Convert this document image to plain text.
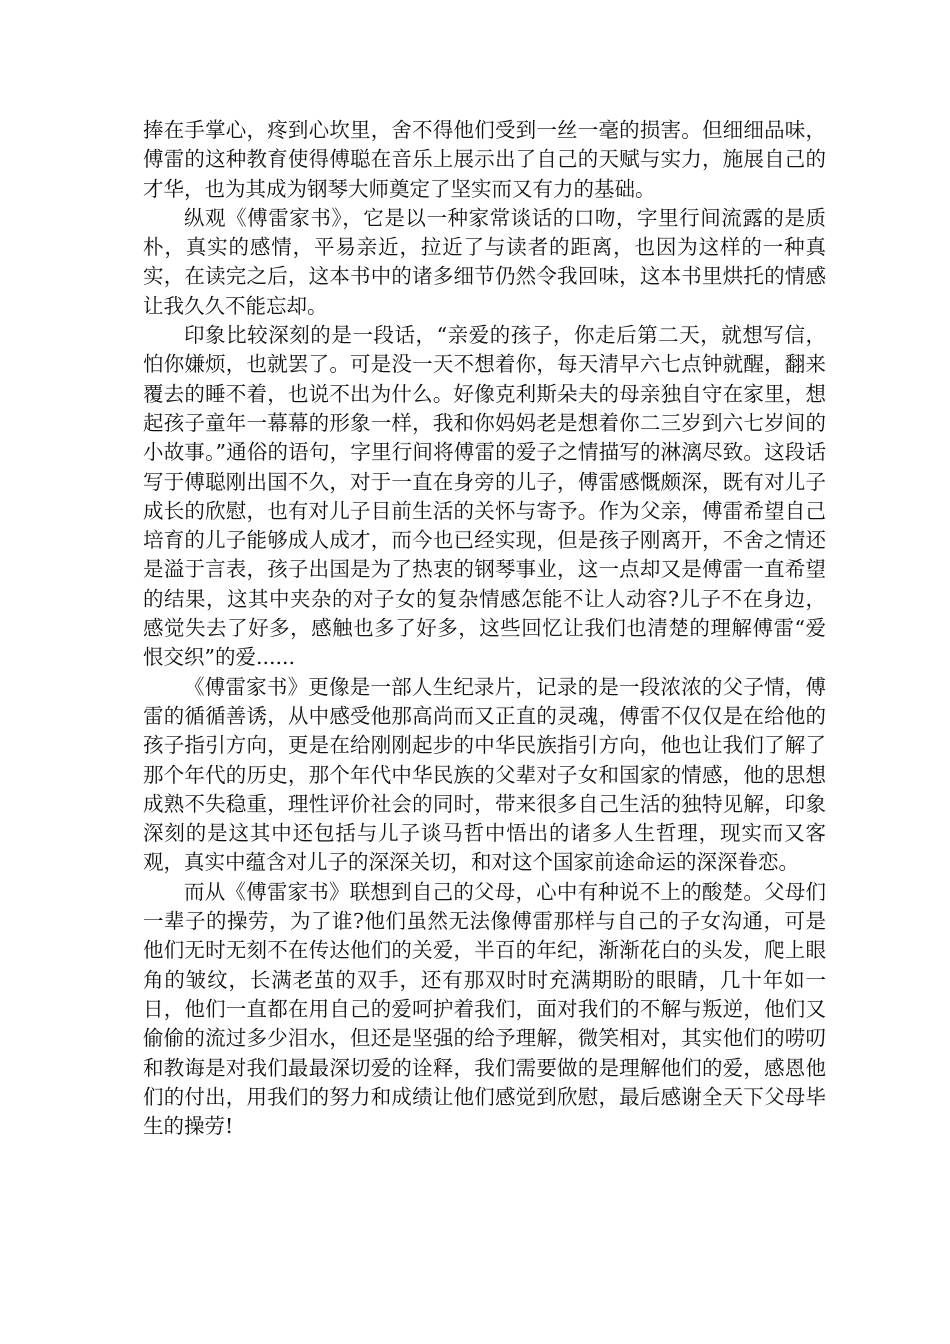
捧在手掌心，疼到心坎里，舍不得他们受到一丝一毫的损害。但细细品味，傅雷的这种教育使得傅聪在音乐上展示出了自己的天赋与实力，施展自己的才华，也为其成为钢琴大师奠定了坚实而又有力的基础。

纵观《傅雷家书》，它是以一种家常谈话的口吻，字里行间流露的是质朴，真实的感情，平易亲近，拉近了与读者的距离，也因为这样的一种真实，在读完之后，这本书中的诸多细节仍然令我回味，这本书里烘托的情感让我久久不能忘却。

印象比较深刻的是一段话，“亲爱的孩子，你走后第二天，就想写信，怕你嫌烦，也就罢了。可是没一天不想着你，每天清早六七点钟就醒，翻来覆去的睡不着，也说不出为什么。好像克利斯朵夫的母亲独自守在家里，想起孩子童年一幕幕的形象一样，我和你妈妈老是想着你二三岁到六七岁间的小故事。”通俗的语句，字里行间将傅雷的爱子之情描写的淋漓尽致。这段话写于傅聪刚出国不久，对于一直在身旁的儿子，傅雷感慨颇深，既有对儿子成长的欣慰，也有对儿子目前生活的关怀与寄予。作为父亲，傅雷希望自己培育的儿子能够成人成才，而今也已经实现，但是孩子刚离开，不舍之情还是溢于言表，孩子出国是为了热衷的钢琴事业，这一点却又是傅雷一直希望的结果，这其中夹杂的对子女的复杂情感怎能不让人动容?儿子不在身边，感觉失去了好多，感触也多了好多，这些回忆让我们也清楚的理解傅雷“爱恨交织”的爱......

《傅雷家书》更像是一部人生纪录片，记录的是一段浓浓的父子情，傅雷的循循善诱，从中感受他那高尚而又正直的灵魂，傅雷不仅仅是在给他的孩子指引方向，更是在给刚刚起步的中华民族指引方向，他也让我们了解了那个年代的历史，那个年代中华民族的父辈对子女和国家的情感，他的思想成熟不失稳重，理性评价社会的同时，带来很多自己生活的独特见解，印象深刻的是这其中还包括与儿子谈马哲中悟出的诸多人生哲理，现实而又客观，真实中蕴含对儿子的深深关切，和对这个国家前途命运的深深眷恋。

而从《傅雷家书》联想到自己的父母，心中有种说不上的酸楚。父母们一辈子的操劳，为了谁?他们虽然无法像傅雷那样与自己的子女沟通，可是他们无时无刻不在传达他们的关爱，半百的年纪，渐渐花白的头发，爬上眼角的皱纹，长满老茧的双手，还有那双时时充满期盼的眼睛，几十年如一日，他们一直都在用自己的爱呵护着我们，面对我们的不解与叛逆，他们又偷偷的流过多少泪水，但还是坚强的给予理解，微笑相对，其实他们的唠叨和教诲是对我们最最深切爱的诠释，我们需要做的是理解他们的爱，感恩他们的付出，用我们的努力和成绩让他们感觉到欣慰，最后感谢全天下父母毕生的操劳!
